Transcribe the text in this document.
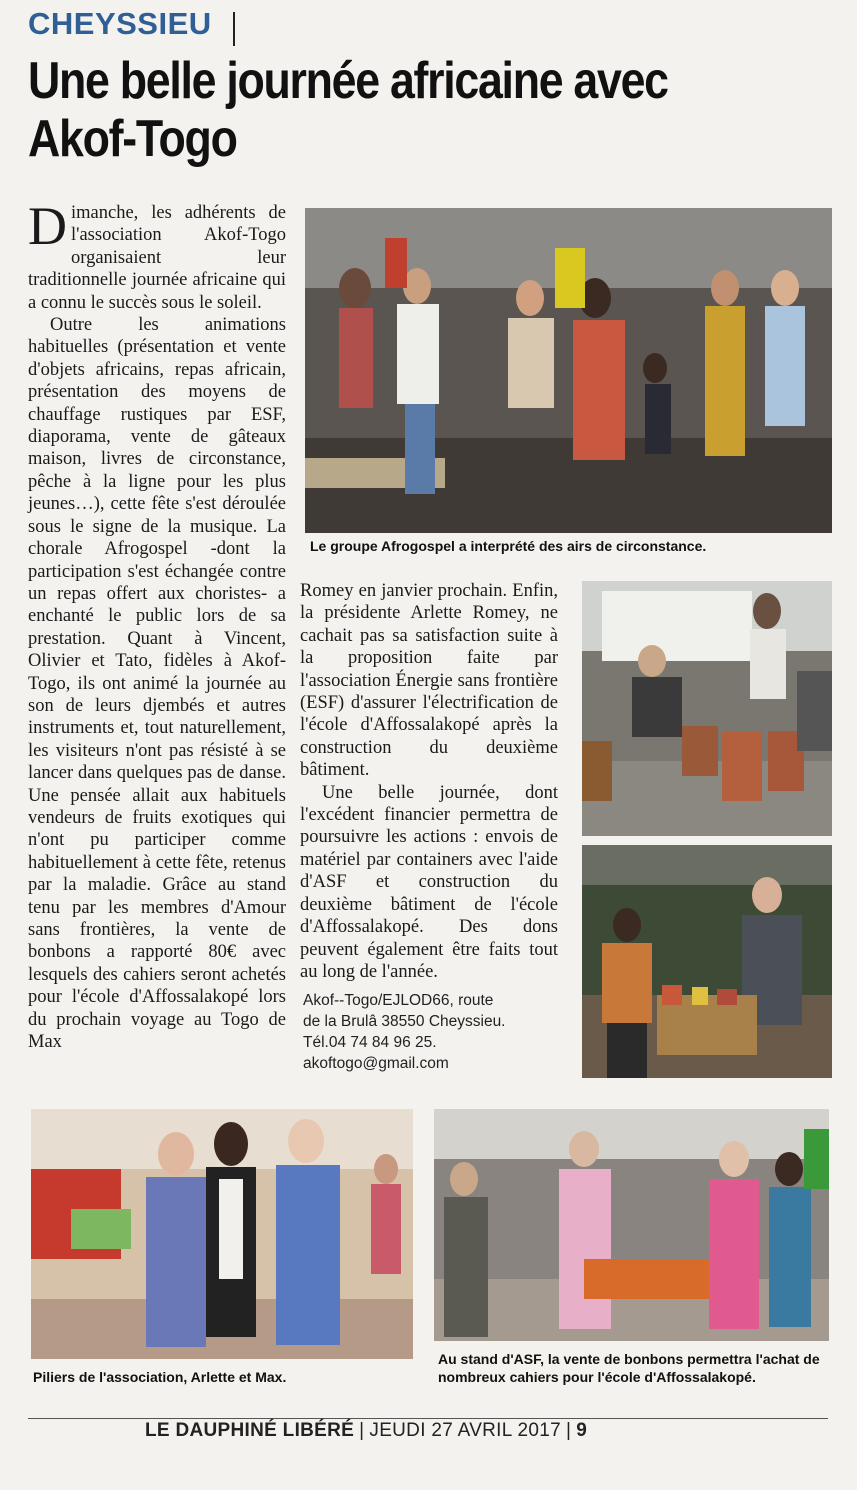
CHEYSSIEU
Une belle journée africaine avec Akof-Togo

Dimanche, les adhérents de l'association Akof-Togo organisaient leur traditionnelle journée africaine qui a connu le succès sous le soleil.

Outre les animations habituelles (présentation et vente d'objets africains, repas africain, présentation des moyens de chauffage rustiques par ESF, diaporama, vente de gâteaux maison, livres de circonstance, pêche à la ligne pour les plus jeunes…), cette fête s'est déroulée sous le signe de la musique. La chorale Afrogospel -dont la participation s'est échangée contre un repas offert aux choristes- a enchanté le public lors de sa prestation. Quant à Vincent, Olivier et Tato, fidèles à Akof-Togo, ils ont animé la journée au son de leurs djembés et autres instruments et, tout naturellement, les visiteurs n'ont pas résisté à se lancer dans quelques pas de danse. Une pensée allait aux habituels vendeurs de fruits exotiques qui n'ont pu participer comme habituellement à cette fête, retenus par la maladie. Grâce au stand tenu par les membres d'Amour sans frontières, la vente de bonbons a rapporté 80€ avec lesquels des cahiers seront achetés pour l'école d'Affossalakopé lors du prochain voyage au Togo de Max

Le groupe Afrogospel a interprété des airs de circonstance.

Romey en janvier prochain. Enfin, la présidente Arlette Romey, ne cachait pas sa satisfaction suite à la proposition faite par l'association Énergie sans frontière (ESF) d'assurer l'électrification de l'école d'Affossalakopé après la construction du deuxième bâtiment.

Une belle journée, dont l'excédent financier permettra de poursuivre les actions : envois de matériel par containers avec l'aide d'ASF et construction du deuxième bâtiment de l'école d'Affossalakopé. Des dons peuvent également être faits tout au long de l'année.

Akof--Togo/EJLOD66, route
de la Brulâ 38550 Cheyssieu.
Tél.04 74 84 96 25.
akoftogo@gmail.com
Piliers de l'association, Arlette et Max.
Au stand d'ASF, la vente de bonbons permettra l'achat de nombreux cahiers pour l'école d'Affossalakopé.
LE DAUPHINÉ LIBÉRÉ | JEUDI 27 AVRIL 2017 | 9
